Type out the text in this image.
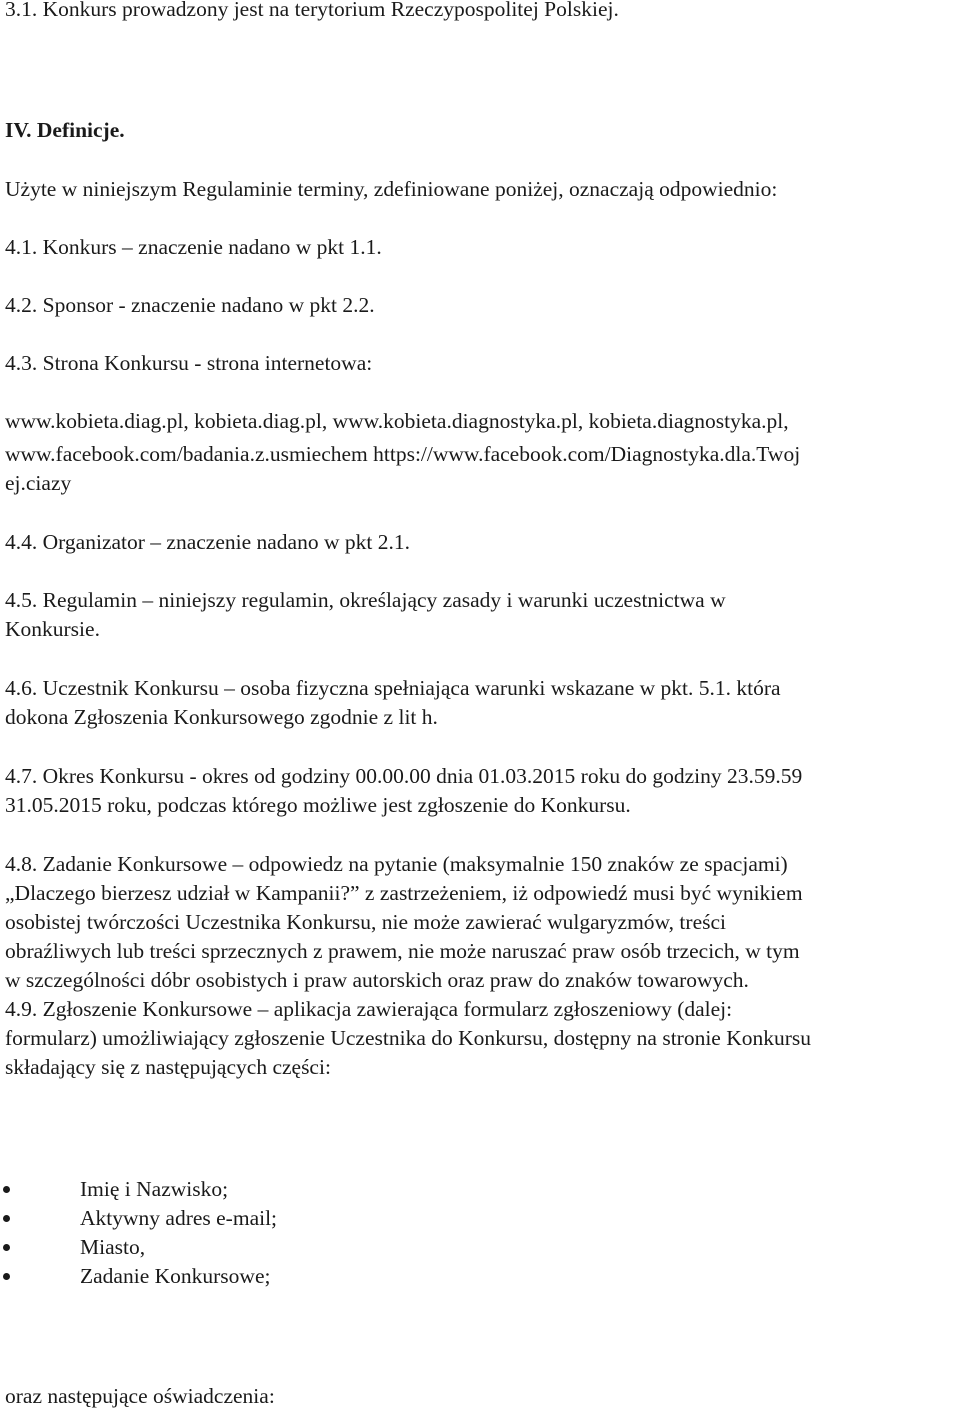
3.1. Konkurs prowadzony jest na terytorium Rzeczypospolitej Polskiej.
IV. Definicje.
Użyte w niniejszym Regulaminie terminy, zdefiniowane poniżej, oznaczają odpowiednio:
4.1. Konkurs – znaczenie nadano w pkt 1.1.
4.2. Sponsor - znaczenie nadano w pkt 2.2.
4.3. Strona Konkursu - strona internetowa:
www.kobieta.diag.pl, kobieta.diag.pl, www.kobieta.diagnostyka.pl, kobieta.diagnostyka.pl,
www.facebook.com/badania.z.usmiechem https://www.facebook.com/Diagnostyka.dla.Twoj
ej.ciazy
4.4. Organizator – znaczenie nadano w pkt 2.1.
4.5. Regulamin – niniejszy regulamin, określający zasady i warunki uczestnictwa w
Konkursie.
4.6. Uczestnik Konkursu – osoba fizyczna spełniająca warunki wskazane w pkt. 5.1. która
dokona Zgłoszenia Konkursowego zgodnie z lit h.
4.7. Okres Konkursu - okres od godziny 00.00.00 dnia 01.03.2015 roku do godziny 23.59.59
31.05.2015 roku, podczas którego możliwe jest zgłoszenie do Konkursu.
4.8. Zadanie Konkursowe – odpowiedz na pytanie (maksymalnie 150 znaków ze spacjami)
„Dlaczego bierzesz udział w Kampanii?” z zastrzeżeniem, iż odpowiedź musi być wynikiem
osobistej twórczości Uczestnika Konkursu, nie może zawierać wulgaryzmów, treści
obraźliwych lub treści sprzecznych z prawem, nie może naruszać praw osób trzecich, w tym
w szczególności dóbr osobistych i praw autorskich oraz praw do znaków towarowych.
4.9. Zgłoszenie Konkursowe – aplikacja zawierająca formularz zgłoszeniowy (dalej:
formularz) umożliwiający zgłoszenie Uczestnika do Konkursu, dostępny na stronie Konkursu
składający się z następujących części:
Imię i Nazwisko;
Aktywny adres e-mail;
Miasto,
Zadanie Konkursowe;
oraz następujące oświadczenia:
